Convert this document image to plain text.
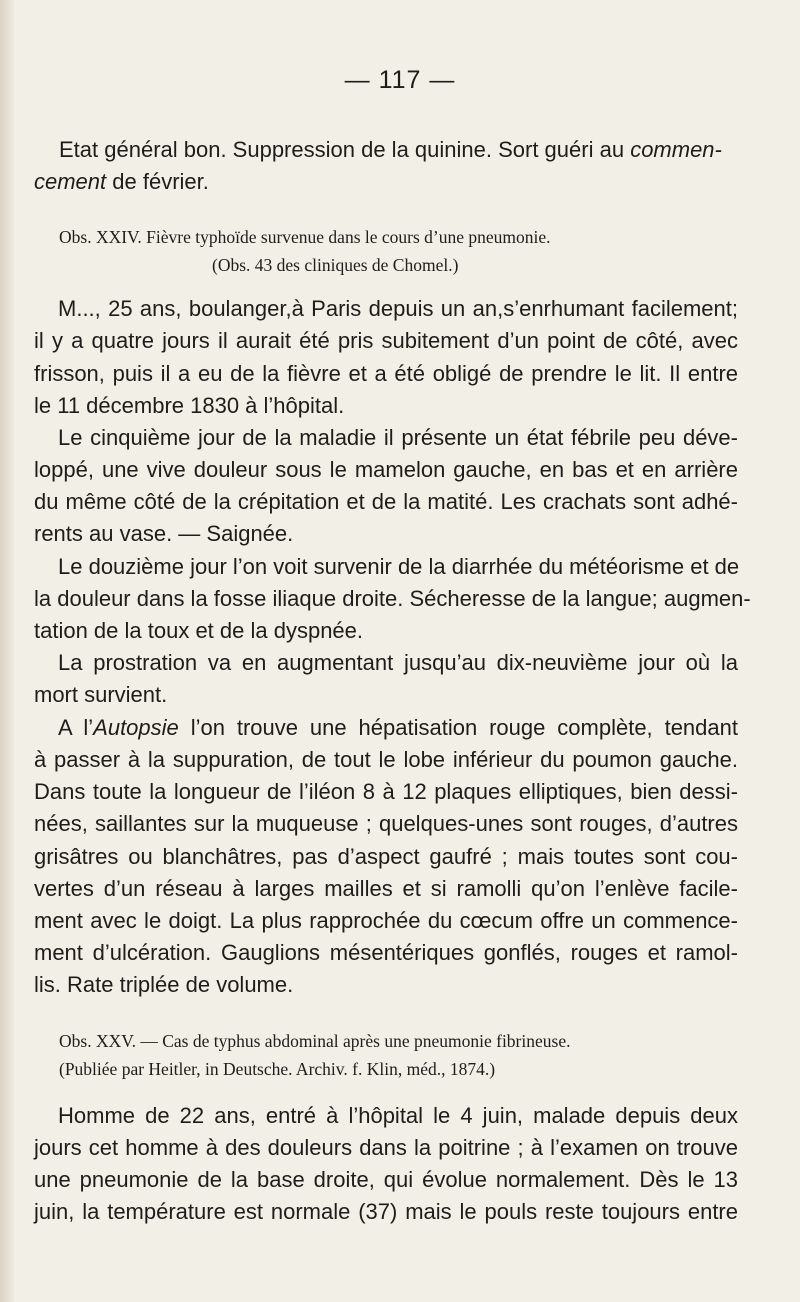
— 117 —
Etat général bon. Suppression de la quinine. Sort guéri au commen-
cement de février.
Obs. XXIV. Fièvre typhoïde survenue dans le cours d’une pneumonie.
(Obs. 43 des cliniques de Chomel.)
M..., 25 ans, boulanger,à Paris depuis un an,s’enrhumant facilement;
il y a quatre jours il aurait été pris subitement d’un point de côté, avec
frisson, puis il a eu de la fièvre et a été obligé de prendre le lit. Il entre
le 11 décembre 1830 à l’hôpital.
Le cinquième jour de la maladie il présente un état fébrile peu déve-
loppé, une vive douleur sous le mamelon gauche, en bas et en arrière
du même côté de la crépitation et de la matité. Les crachats sont adhé-
rents au vase. — Saignée.
Le douzième jour l’on voit survenir de la diarrhée du météorisme et de
la douleur dans la fosse iliaque droite. Sécheresse de la langue; augmen-
tation de la toux et de la dyspnée.
La prostration va en augmentant jusqu’au dix-neuvième jour où la
mort survient.
A l’Autopsie l’on trouve une hépatisation rouge complète, tendant
à passer à la suppuration, de tout le lobe inférieur du poumon gauche.
Dans toute la longueur de l’iléon 8 à 12 plaques elliptiques, bien dessi-
nées, saillantes sur la muqueuse ; quelques-unes sont rouges, d’autres
grisâtres ou blanchâtres, pas d’aspect gaufré ; mais toutes sont cou-
vertes d’un réseau à larges mailles et si ramolli qu’on l’enlève facile-
ment avec le doigt. La plus rapprochée du cœcum offre un commence-
ment d’ulcération. Gauglions mésentériques gonflés, rouges et ramol-
lis. Rate triplée de volume.
Obs. XXV. — Cas de typhus abdominal après une pneumonie fibrineuse.
(Publiée par Heitler, in Deutsche. Archiv. f. Klin, méd., 1874.)
Homme de 22 ans, entré à l’hôpital le 4 juin, malade depuis deux
jours cet homme à des douleurs dans la poitrine ; à l’examen on trouve
une pneumonie de la base droite, qui évolue normalement. Dès le 13
juin, la température est normale (37) mais le pouls reste toujours entre
